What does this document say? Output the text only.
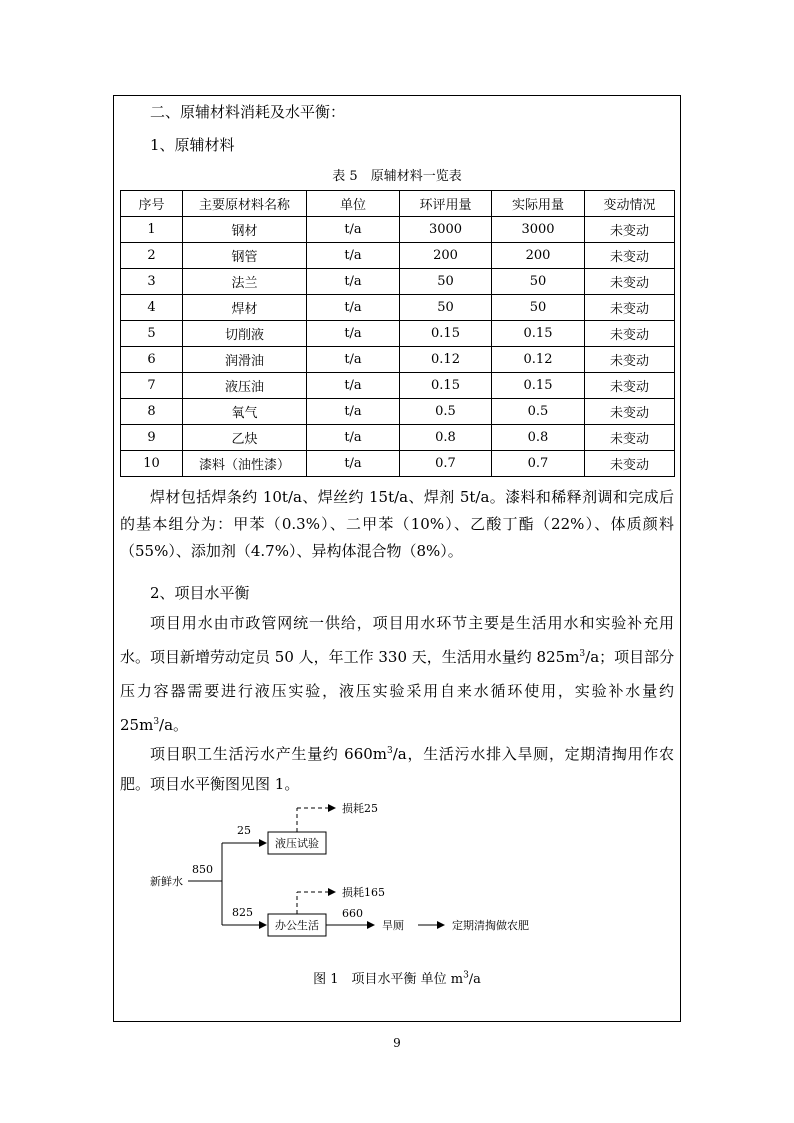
二、原辅材料消耗及水平衡：
1、原辅材料
表 5　原辅材料一览表
序号	主要原材料名称	单位	环评用量	实际用量	变动情况
1	钢材	t/a	3000	3000	未变动
2	钢管	t/a	200	200	未变动
3	法兰	t/a	50	50	未变动
4	焊材	t/a	50	50	未变动
5	切削液	t/a	0.15	0.15	未变动
6	润滑油	t/a	0.12	0.12	未变动
7	液压油	t/a	0.15	0.15	未变动
8	氧气	t/a	0.5	0.5	未变动
9	乙炔	t/a	0.8	0.8	未变动
10	漆料（油性漆）	t/a	0.7	0.7	未变动
焊材包括焊条约 10t/a、焊丝约 15t/a、焊剂 5t/a。漆料和稀释剂调和完成后
的基本组分为：甲苯（0.3%）、二甲苯（10%）、乙酸丁酯（22%）、体质颜料
（55%）、添加剂（4.7%）、异构体混合物（8%）。
2、项目水平衡
项目用水由市政管网统一供给，项目用水环节主要是生活用水和实验补充用
水。项目新增劳动定员 50 人，年工作 330 天，生活用水量约 $825m^3/a$；项目部分
压力容器需要进行液压实验，液压实验采用自来水循环使用，实验补水量约
$25m^3/a$。
项目职工生活污水产生量约 $660m^3/a$，生活污水排入旱厕，定期清掏用作农
肥。项目水平衡图见图 1。
新鲜水
850
25
825
液压试验
办公生活
损耗25
损耗165
660
旱厕	定期清掏做农肥
图 1　项目水平衡 单位 $m^3/a$
9
